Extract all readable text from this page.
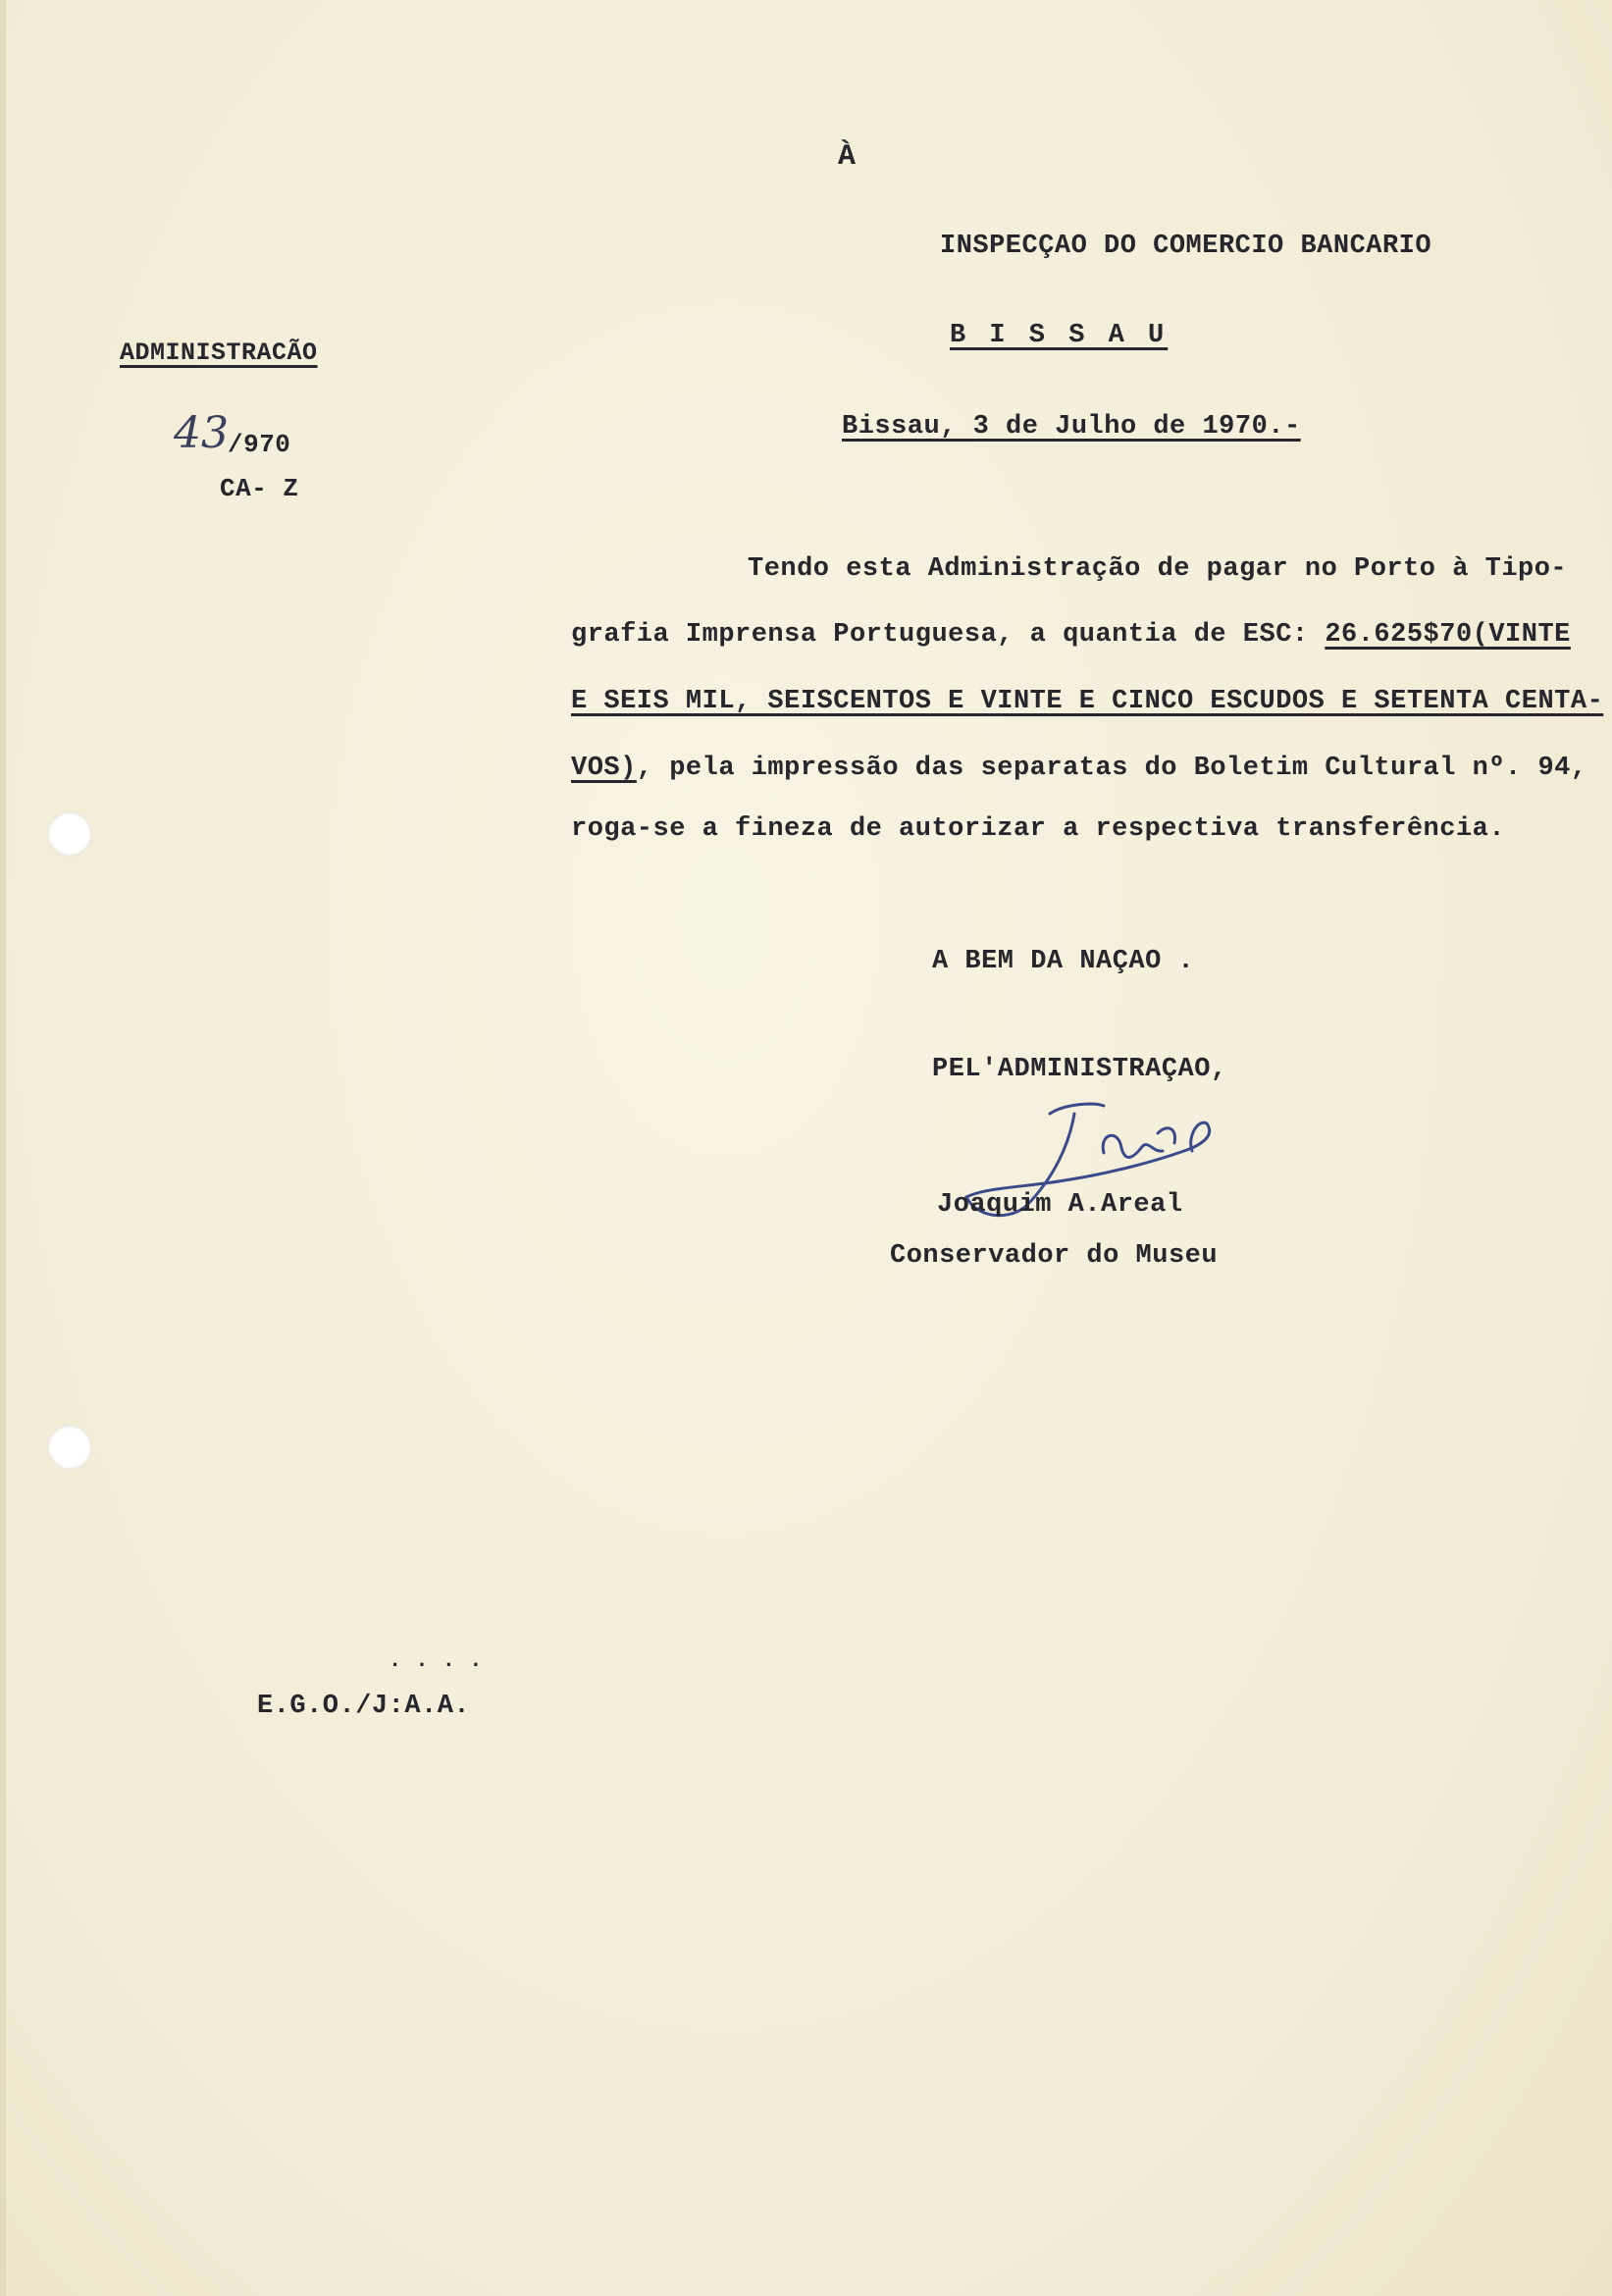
À
INSPECÇAO DO COMERCIO BANCARIO
B I S S A U
ADMINISTRACÃO
43 /970
CA- Z
Bissau, 3 de Julho de 1970.-
Tendo esta Administração de pagar no Porto à Tipo-
grafia Imprensa Portuguesa, a quantia de ESC: 26.625$70(VINTE
E SEIS MIL, SEISCENTOS E VINTE E CINCO ESCUDOS E SETENTA CENTA-
VOS), pela impressão das separatas do Boletim Cultural nº. 94,
roga-se a fineza de autorizar a respectiva transferência.
A BEM DA NAÇAO .
PEL'ADMINISTRAÇAO,
Joaquim A.Areal
Conservador do Museu
. . . .
E.G.O./J:A.A.
